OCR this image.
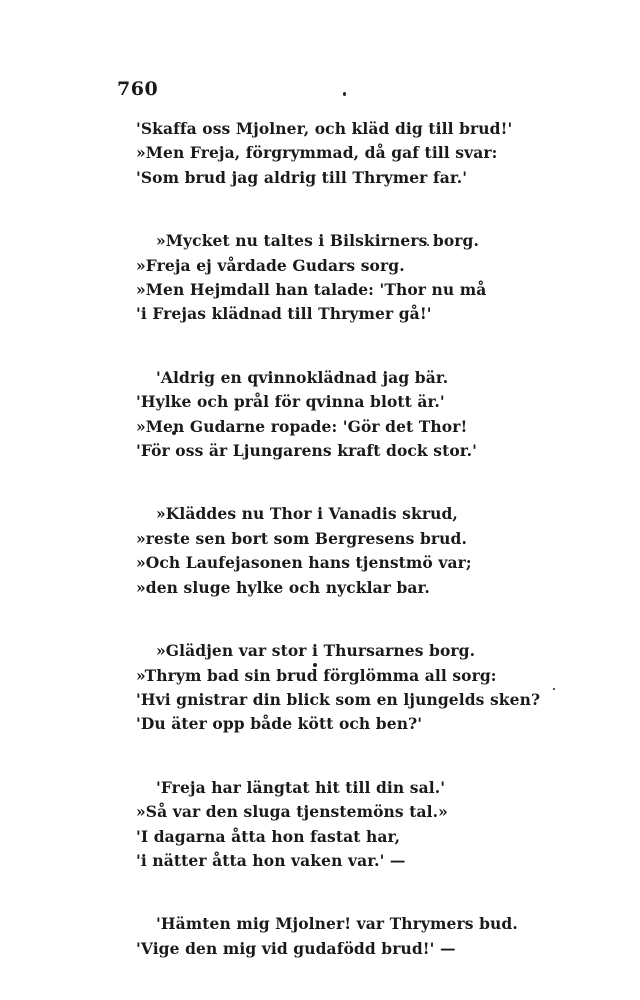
760
'Skaffa oss Mjolner, och kläd dig till brud!'
»Men Freja, förgrymmad, då gaf till svar:
'Som brud jag aldrig till Thrymer far.'
»Mycket nu taltes i Bilskirners borg.
»Freja ej vårdade Gudars sorg.
»Men Hejmdall han talade: 'Thor nu må
'i Frejas klädnad till Thrymer gå!'
'Aldrig en qvinnoklädnad jag bär.
'Hylke och prål för qvinna blott är.'
»Men Gudarne ropade: 'Gör det Thor!
'För oss är Ljungarens kraft dock stor.'
»Kläddes nu Thor i Vanadis skrud,
»reste sen bort som Bergresens brud.
»Och Laufejasonen hans tjenstmö var;
»den sluge hylke och nycklar bar.
»Glädjen var stor i Thursarnes borg.
»Thrym bad sin brud förglömma all sorg:
'Hvi gnistrar din blick som en ljungelds sken?
'Du äter opp både kött och ben?'
'Freja har längtat hit till din sal.'
»Så var den sluga tjenstemöns tal.»
'I dagarna åtta hon fastat har,
'i nätter åtta hon vaken var.' —
'Hämten mig Mjolner! var Thrymers bud.
'Vige den mig vid gudafödd brud!' —
